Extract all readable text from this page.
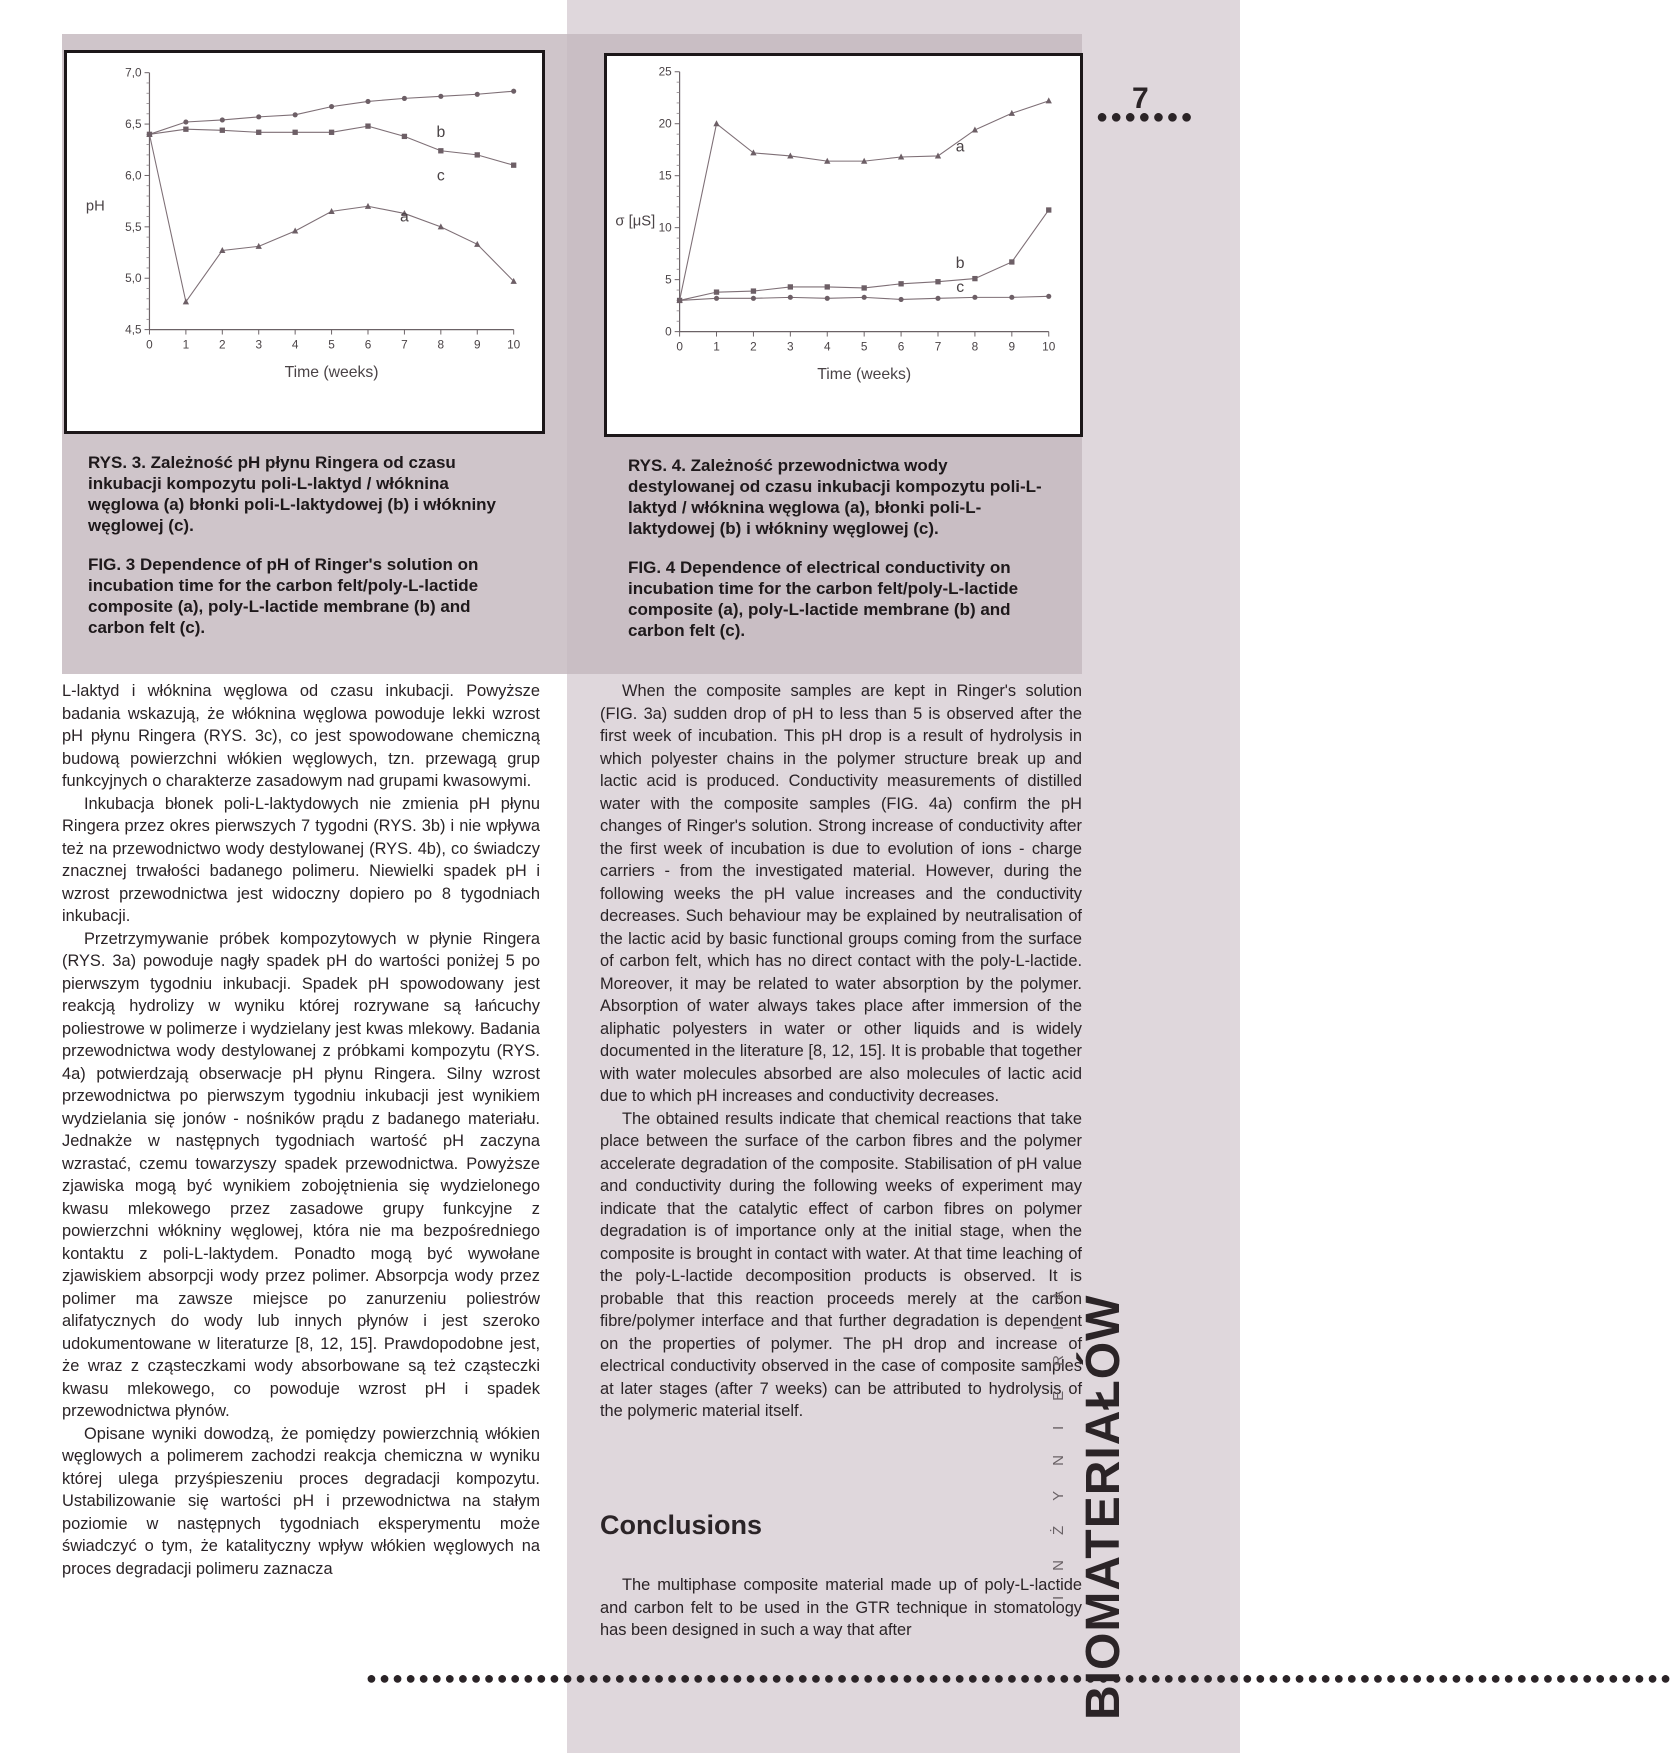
7
●●●●●●●
4,5
5,0
5,5
6,0
6,5
7,0
0 1 2 3 4 5 6 7 8 9 10
Time (weeks)
pH
c
b
a
0
5
10
15
20
25
0	1	2	3	4	5	6	7	8	9 10
Time (weeks)
σ [μS]
a
b
c

RYS. 3. Zależność pH płynu Ringera od czasu inkubacji kompozytu poli-L-laktyd / włóknina węglowa (a) błonki poli-L-laktydowej (b) i włókniny węglowej (c).

FIG. 3 Dependence of pH of Ringer's solution on incubation time for the carbon felt/poly-L-lactide composite (a), poly-L-lactide membrane (b) and carbon felt (c).

RYS. 4. Zależność przewodnictwa wody destylowanej od czasu inkubacji kompozytu poli-L-laktyd / włóknina węglowa (a), błonki poli-L-laktydowej (b) i włókniny węglowej (c).

FIG. 4 Dependence of electrical conductivity on incubation time for the carbon felt/poly-L-lactide composite (a), poly-L-lactide membrane (b) and carbon felt (c).

L-laktyd i włóknina węglowa od czasu inkubacji. Powyższe badania wskazują, że włóknina węglowa powoduje lekki wzrost pH płynu Ringera (RYS. 3c), co jest spowodowane chemiczną budową powierzchni włókien węglowych, tzn. przewagą grup funkcyjnych o charakterze zasadowym nad grupami kwasowymi.

Inkubacja błonek poli-L-laktydowych nie zmienia pH płynu Ringera przez okres pierwszych 7 tygodni (RYS. 3b) i nie wpływa też na przewodnictwo wody destylowanej (RYS. 4b), co świadczy znacznej trwałości badanego polimeru. Niewielki spadek pH i wzrost przewodnictwa jest widoczny dopiero po 8 tygodniach inkubacji.

Przetrzymywanie próbek kompozytowych w płynie Ringera (RYS. 3a) powoduje nagły spadek pH do wartości poniżej 5 po pierwszym tygodniu inkubacji. Spadek pH spowodowany jest reakcją hydrolizy w wyniku której rozrywane są łańcuchy poliestrowe w polimerze i wydzielany jest kwas mlekowy. Badania przewodnictwa wody destylowanej z próbkami kompozytu (RYS. 4a) potwierdzają obserwacje pH płynu Ringera. Silny wzrost przewodnictwa po pierwszym tygodniu inkubacji jest wynikiem wydzielania się jonów - nośników prądu z badanego materiału. Jednakże w następnych tygodniach wartość pH zaczyna wzrastać, czemu towarzyszy spadek przewodnictwa. Powyższe zjawiska mogą być wynikiem zobojętnienia się wydzielonego kwasu mlekowego przez zasadowe grupy funkcyjne z powierzchni włókniny węglowej, która nie ma bezpośredniego kontaktu z poli-L-laktydem. Ponadto mogą być wywołane zjawiskiem absorpcji wody przez polimer. Absorpcja wody przez polimer ma zawsze miejsce po zanurzeniu poliestrów alifatycznych do wody lub innych płynów i jest szeroko udokumentowane w literaturze [8, 12, 15]. Prawdopodobne jest, że wraz z cząsteczkami wody absorbowane są też cząsteczki kwasu mlekowego, co powoduje wzrost pH i spadek przewodnictwa płynów.

Opisane wyniki dowodzą, że pomiędzy powierzchnią włókien węglowych a polimerem zachodzi reakcja chemiczna w wyniku której ulega przyśpieszeniu proces degradacji kompozytu. Ustabilizowanie się wartości pH i przewodnictwa na stałym poziomie w następnych tygodniach eksperymentu może świadczyć o tym, że katalityczny wpływ włókien węglowych na proces degradacji polimeru zaznacza

When the composite samples are kept in Ringer's solution (FIG. 3a) sudden drop of pH to less than 5 is observed after the first week of incubation. This pH drop is a result of hydrolysis in which polyester chains in the polymer structure break up and lactic acid is produced. Conductivity measurements of distilled water with the composite samples (FIG. 4a) confirm the pH changes of Ringer's solution. Strong increase of conductivity after the first week of incubation is due to evolution of ions - charge carriers - from the investigated material. However, during the following weeks the pH value increases and the conductivity decreases. Such behaviour may be explained by neutralisation of the lactic acid by basic functional groups coming from the surface of carbon felt, which has no direct contact with the poly-L-lactide. Moreover, it may be related to water absorption by the polymer. Absorption of water always takes place after immersion of the aliphatic polyesters in water or other liquids and is widely documented in the literature [8, 12, 15]. It is probable that together with water molecules absorbed are also molecules of lactic acid due to which pH increases and conductivity decreases.

The obtained results indicate that chemical reactions that take place between the surface of the carbon fibres and the polymer accelerate degradation of the composite. Stabilisation of pH value and conductivity during the following weeks of experiment may indicate that the catalytic effect of carbon fibres on polymer degradation is of importance only at the initial stage, when the composite is brought in contact with water. At that time leaching of the poly-L-lactide decomposition products is observed. It is probable that this reaction proceeds merely at the carbon fibre/polymer interface and that further degradation is dependent on the properties of polymer. The pH drop and increase of electrical conductivity observed in the case of composite samples at later stages (after 7 weeks) can be attributed to hydrolysis of the polymeric material itself.

Conclusions

The multiphase composite material made up of poly-L-lactide and carbon felt to be used in the GTR technique in stomatology has been designed in such a way that after

●●●●●●●●●●●●●●●●●●●●●●●●●●●●●●●●●●●●●●●●●●●●●●●●●●●●●●●●●●●●●●●●●●●●●●●●●●●●●●●●●●●●●●●●●●●●●●●●●●●●
INŻYNIERIA BIOMATERIAŁÓW
